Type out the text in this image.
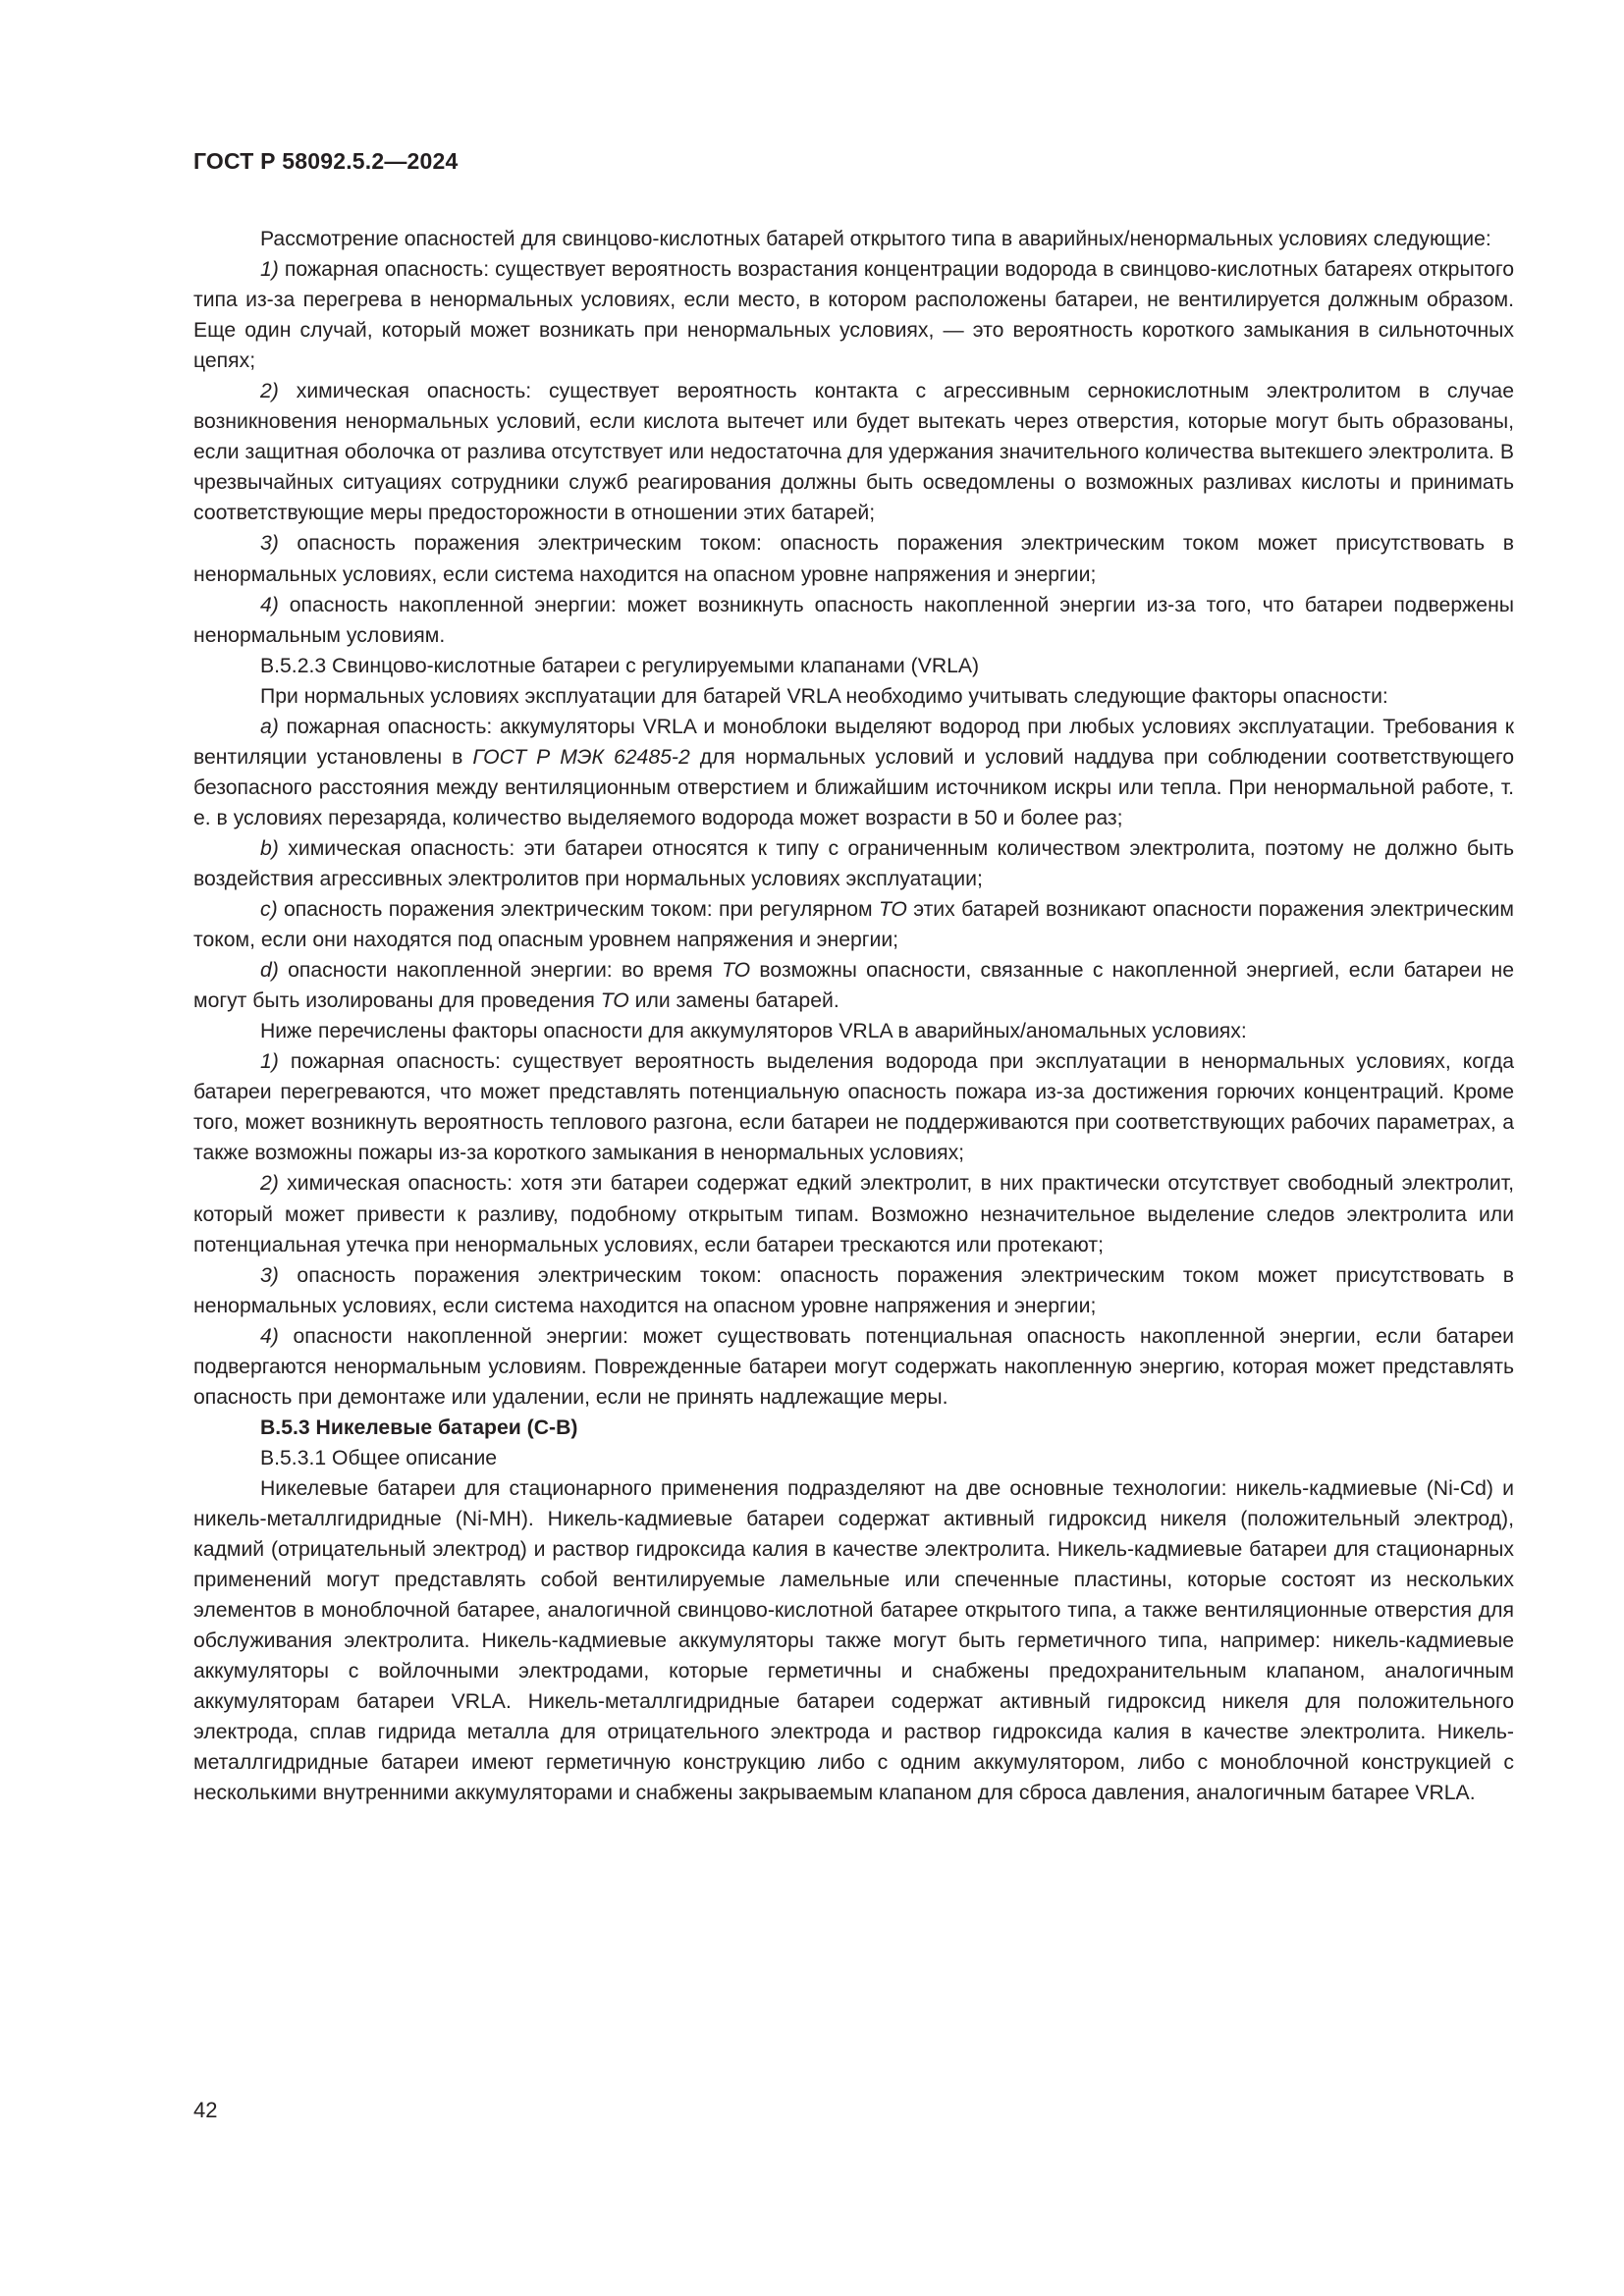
ГОСТ Р 58092.5.2—2024

Рассмотрение опасностей для свинцово-кислотных батарей открытого типа в аварийных/ненормальных условиях следующие:

1) пожарная опасность: существует вероятность возрастания концентрации водорода в свинцово-кислотных батареях открытого типа из-за перегрева в ненормальных условиях, если место, в котором расположены батареи, не вентилируется должным образом. Еще один случай, который может возникать при ненормальных условиях, — это вероятность короткого замыкания в сильноточных цепях;

2) химическая опасность: существует вероятность контакта с агрессивным сернокислотным электролитом в случае возникновения ненормальных условий, если кислота вытечет или будет вытекать через отверстия, которые могут быть образованы, если защитная оболочка от разлива отсутствует или недостаточна для удержания значительного количества вытекшего электролита. В чрезвычайных ситуациях сотрудники служб реагирования должны быть осведомлены о возможных разливах кислоты и принимать соответствующие меры предосторожности в отношении этих батарей;

3) опасность поражения электрическим током: опасность поражения электрическим током может присутствовать в ненормальных условиях, если система находится на опасном уровне напряжения и энергии;

4) опасность накопленной энергии: может возникнуть опасность накопленной энергии из-за того, что батареи подвержены ненормальным условиям.

В.5.2.3 Свинцово-кислотные батареи с регулируемыми клапанами (VRLA)

При нормальных условиях эксплуатации для батарей VRLA необходимо учитывать следующие факторы опасности:

a) пожарная опасность: аккумуляторы VRLA и моноблоки выделяют водород при любых условиях эксплуатации. Требования к вентиляции установлены в ГОСТ Р МЭК 62485-2 для нормальных условий и условий наддува при соблюдении соответствующего безопасного расстояния между вентиляционным отверстием и ближайшим источником искры или тепла. При ненормальной работе, т. е. в условиях перезаряда, количество выделяемого водорода может возрасти в 50 и более раз;

b) химическая опасность: эти батареи относятся к типу с ограниченным количеством электролита, поэтому не должно быть воздействия агрессивных электролитов при нормальных условиях эксплуатации;

c) опасность поражения электрическим током: при регулярном ТО этих батарей возникают опасности поражения электрическим током, если они находятся под опасным уровнем напряжения и энергии;

d) опасности накопленной энергии: во время ТО возможны опасности, связанные с накопленной энергией, если батареи не могут быть изолированы для проведения ТО или замены батарей.

Ниже перечислены факторы опасности для аккумуляторов VRLA в аварийных/аномальных условиях:

1) пожарная опасность: существует вероятность выделения водорода при эксплуатации в ненормальных условиях, когда батареи перегреваются, что может представлять потенциальную опасность пожара из-за достижения горючих концентраций. Кроме того, может возникнуть вероятность теплового разгона, если батареи не поддерживаются при соответствующих рабочих параметрах, а также возможны пожары из-за короткого замыкания в ненормальных условиях;

2) химическая опасность: хотя эти батареи содержат едкий электролит, в них практически отсутствует свободный электролит, который может привести к разливу, подобному открытым типам. Возможно незначительное выделение следов электролита или потенциальная утечка при ненормальных условиях, если батареи трескаются или протекают;

3) опасность поражения электрическим током: опасность поражения электрическим током может присутствовать в ненормальных условиях, если система находится на опасном уровне напряжения и энергии;

4) опасности накопленной энергии: может существовать потенциальная опасность накопленной энергии, если батареи подвергаются ненормальным условиям. Поврежденные батареи могут содержать накопленную энергию, которая может представлять опасность при демонтаже или удалении, если не принять надлежащие меры.

В.5.3 Никелевые батареи (С-В)

В.5.3.1 Общее описание

Никелевые батареи для стационарного применения подразделяют на две основные технологии: никель-кадмиевые (Ni-Cd) и никель-металлгидридные (Ni-MH). Никель-кадмиевые батареи содержат активный гидроксид никеля (положительный электрод), кадмий (отрицательный электрод) и раствор гидроксида калия в качестве электролита. Никель-кадмиевые батареи для стационарных применений могут представлять собой вентилируемые ламельные или спеченные пластины, которые состоят из нескольких элементов в моноблочной батарее, аналогичной свинцово-кислотной батарее открытого типа, а также вентиляционные отверстия для обслуживания электролита. Никель-кадмиевые аккумуляторы также могут быть герметичного типа, например: никель-кадмиевые аккумуляторы с войлочными электродами, которые герметичны и снабжены предохранительным клапаном, аналогичным аккумуляторам батареи VRLA. Никель-металлгидридные батареи содержат активный гидроксид никеля для положительного электрода, сплав гидрида металла для отрицательного электрода и раствор гидроксида калия в качестве электролита. Никель-металлгидридные батареи имеют герметичную конструкцию либо с одним аккумулятором, либо с моноблочной конструкцией с несколькими внутренними аккумуляторами и снабжены закрываемым клапаном для сброса давления, аналогичным батарее VRLA.

42
